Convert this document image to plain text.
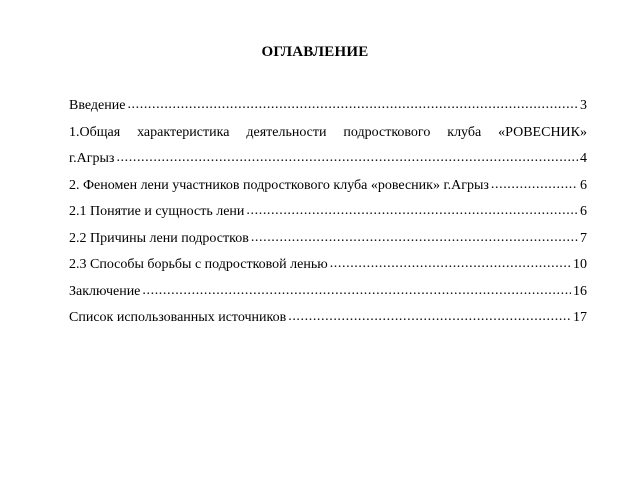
ОГЛАВЛЕНИЕ
Введение .....	3
1.Общая характеристика деятельности подросткового клуба «РОВЕСНИК»
г.Агрыз .....	4
2. Феномен лени участников подросткового клуба «ровесник» г.Агрыз .....	6
2.1 Понятие и сущность лени .....	6
2.2 Причины лени подростков .....	7
2.3 Способы борьбы с подростковой ленью .....	10
Заключение .....	16
Список использованных источников .....	17
